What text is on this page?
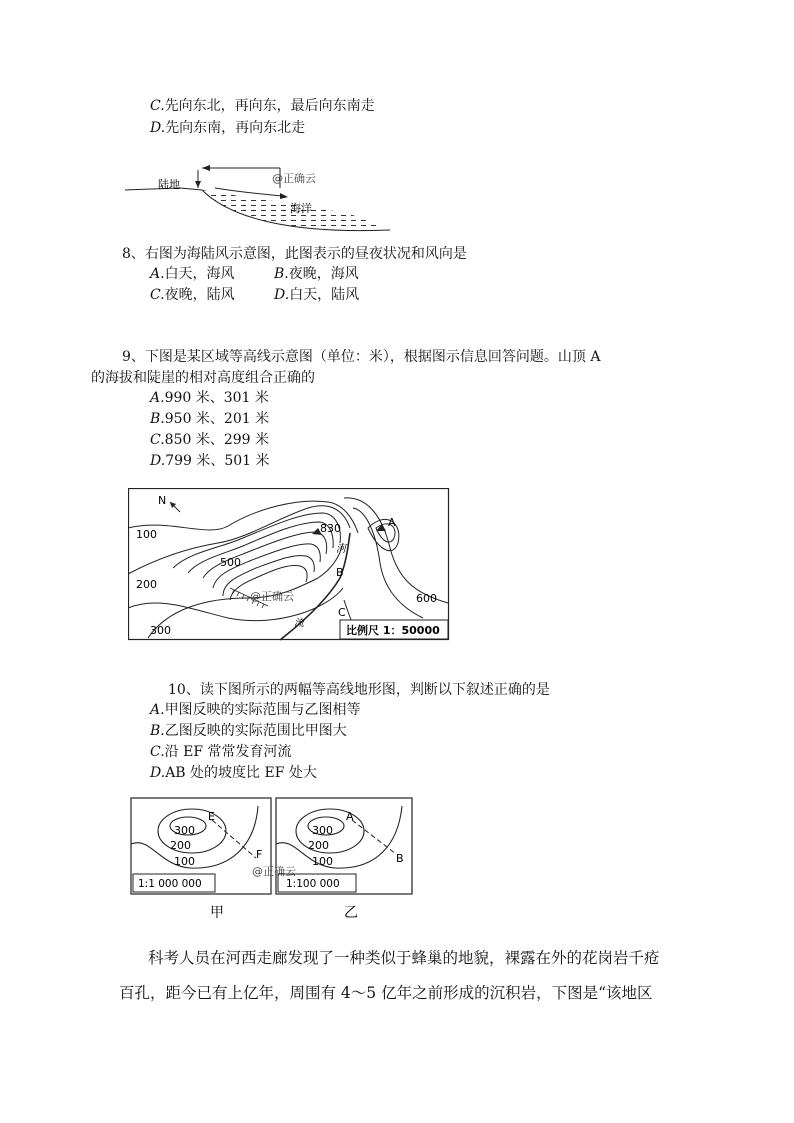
C.先向东北，再向东，最后向东南走
D.先向东南，再向东北走
陆地
海洋
@正确云
8、右图为海陆风示意图，此图表示的昼夜状况和风向是
A.白天，海风	B.夜晚，海风
C.夜晚，陆风	D.白天，陆风
9、下图是某区域等高线示意图（单位：米），根据图示信息回答问题。山顶 A
的海拔和陡崖的相对高度组合正确的
A.990 米、301 米
B.950 米、201 米
C.850 米、299 米
D.799 米、501 米
N
100
200
300
500
600
830	A
B
C
河
流
@正确云
比例尺 1：50000
10、读下图所示的两幅等高线地形图，判断以下叙述正确的是
A.甲图反映的实际范围与乙图相等
B.乙图反映的实际范围比甲图大
C.沿 EF 常常发育河流
D.AB 处的坡度比 EF 处大
300
200
100
E
F
1:1 000 000
甲
300
200
100
A
B
1:100 000
乙
@正确云
科考人员在河西走廊发现了一种类似于蜂巢的地貌，裸露在外的花岗岩千疮
百孔，距今已有上亿年，周围有 4～5 亿年之前形成的沉积岩，下图是“该地区
